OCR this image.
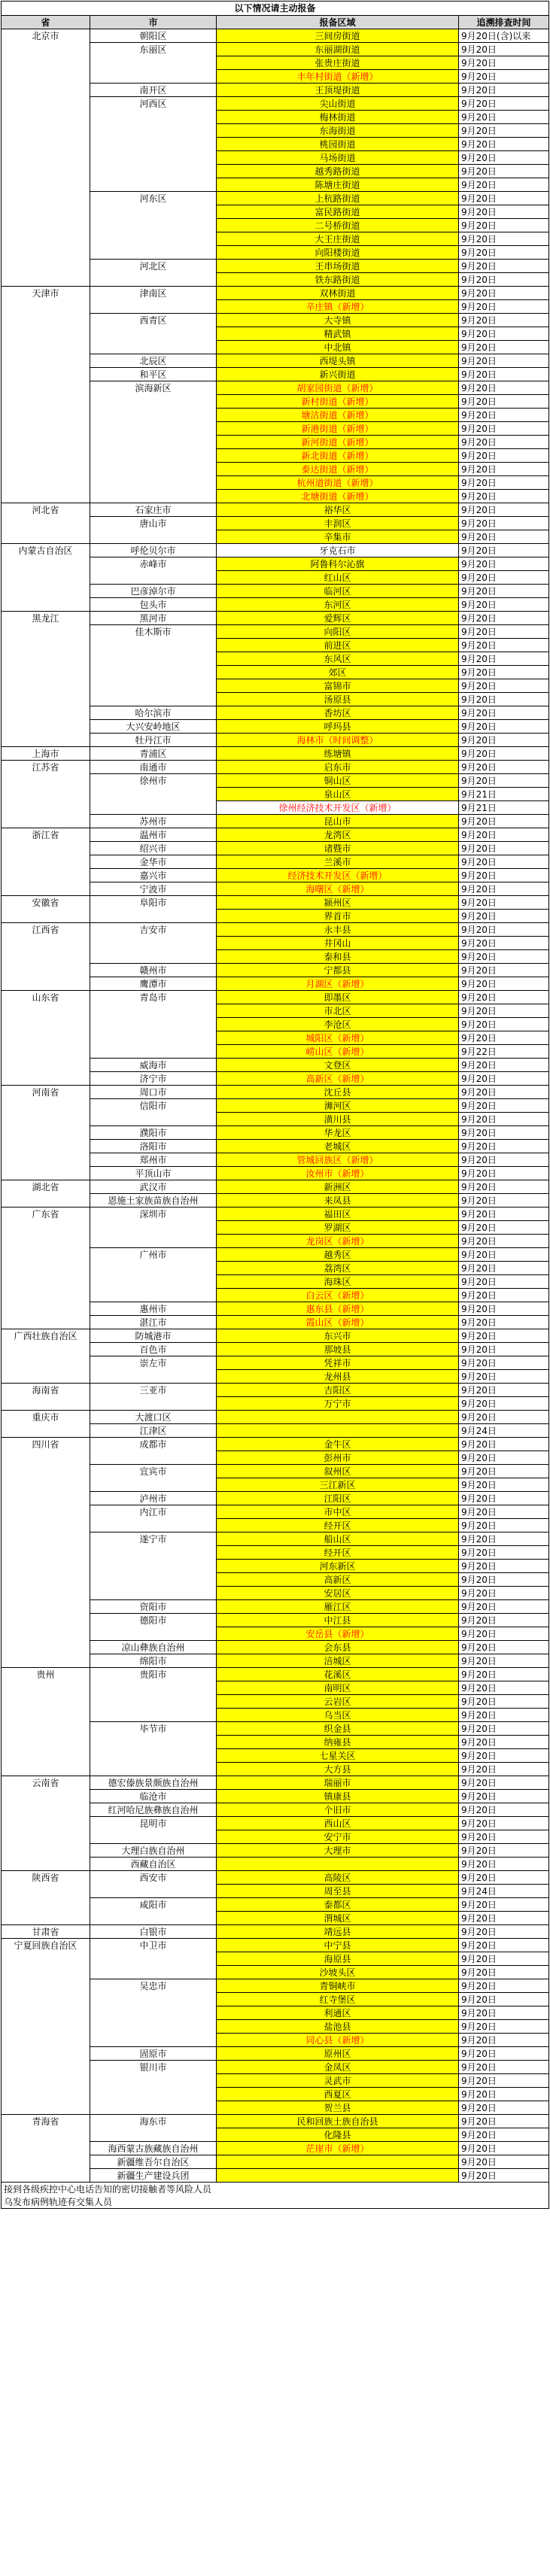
以下情况请主动报备			
省	市	报备区域	追溯排查时间
北京市	朝阳区	三间房街道	9月20日(含)以来
	东丽区	东丽湖街道	9月20日
		张贵庄街道	9月20日
		丰年村街道（新增）	9月20日
	南开区	王顶堤街道	9月20日
	河西区	尖山街道	9月20日
		梅林街道	9月20日
		东海街道	9月20日
		桃园街道	9月20日
		马场街道	9月20日
		越秀路街道	9月20日
		陈塘庄街道	9月20日
	河东区	上杭路街道	9月20日
		富民路街道	9月20日
		二号桥街道	9月20日
		大王庄街道	9月20日
		向阳楼街道	9月20日
	河北区	王串场街道	9月20日
		铁东路街道	9月20日
天津市	津南区	双林街道	9月20日
		辛庄镇（新增）	9月20日
	西青区	大寺镇	9月20日
		精武镇	9月20日
		中北镇	9月20日
	北辰区	西堤头镇	9月20日
	和平区	新兴街道	9月20日
	滨海新区	胡家园街道（新增）	9月20日
		新村街道（新增）	9月20日
		塘沽街道（新增）	9月20日
		新港街道（新增）	9月20日
		新河街道（新增）	9月20日
		新北街道（新增）	9月20日
		泰达街道（新增）	9月20日
		杭州道街道（新增）	9月20日
		北塘街道（新增）	9月20日
河北省	石家庄市	裕华区	9月20日
	唐山市	丰润区	9月20日
		辛集市	9月20日
内蒙古自治区	呼伦贝尔市	牙克石市	9月20日
	赤峰市	阿鲁科尔沁旗	9月20日
		红山区	9月20日
	巴彦淖尔市	临河区	9月20日
	包头市	东河区	9月20日
黑龙江	黑河市	爱辉区	9月20日
	佳木斯市	向阳区	9月20日
		前进区	9月20日
		东风区	9月20日
		郊区	9月20日
		富锦市	9月20日
		汤原县	9月20日
	哈尔滨市	香坊区	9月20日
	大兴安岭地区	呼玛县	9月20日
	牡丹江市	海林市（时间调整）	9月20日
上海市	青浦区	练塘镇	9月20日
江苏省	南通市	启东市	9月20日
	徐州市	铜山区	9月20日
		泉山区	9月21日
		徐州经济技术开发区（新增）	9月21日
	苏州市	昆山市	9月20日
浙江省	温州市	龙湾区	9月20日
	绍兴市	诸暨市	9月20日
	金华市	兰溪市	9月20日
	嘉兴市	经济技术开发区（新增）	9月20日
	宁波市	海曙区（新增）	9月20日
安徽省	阜阳市	颍州区	9月20日
		界首市	9月20日
江西省	吉安市	永丰县	9月20日
		井冈山	9月20日
		泰和县	9月20日
	赣州市	宁都县	9月20日
	鹰潭市	月湖区（新增）	9月20日
山东省	青岛市	即墨区	9月20日
		市北区	9月20日
		李沧区	9月20日
		城阳区（新增）	9月20日
		崂山区（新增）	9月22日
	威海市	文登区	9月20日
	济宁市	高新区（新增）	9月20日
河南省	周口市	沈丘县	9月20日
	信阳市	浉河区	9月20日
		潢川县	9月20日
	濮阳市	华龙区	9月20日
	洛阳市	老城区	9月20日
	郑州市	管城回族区（新增）	9月20日
	平顶山市	汝州市（新增）	9月20日
湖北省	武汉市	新洲区	9月20日
	恩施土家族苗族自治州	来凤县	9月20日
广东省	深圳市	福田区	9月20日
		罗湖区	9月20日
		龙岗区（新增）	9月20日
	广州市	越秀区	9月20日
		荔湾区	9月20日
		海珠区	9月20日
		白云区（新增）	9月20日
	惠州市	惠东县（新增）	9月20日
	湛江市	霞山区（新增）	9月20日
广西壮族自治区	防城港市	东兴市	9月20日
	百色市	那坡县	9月20日
	崇左市	凭祥市	9月20日
		龙州县	9月20日
海南省	三亚市	吉阳区	9月20日
		万宁市	9月20日
重庆市	大渡口区		9月20日
	江津区		9月24日
四川省	成都市	金牛区	9月20日
		彭州市	9月20日
	宜宾市	叙州区	9月20日
		三江新区	9月20日
	泸州市	江阳区	9月20日
	内江市	市中区	9月20日
		经开区	9月20日
	遂宁市	船山区	9月20日
		经开区	9月20日
		河东新区	9月20日
		高新区	9月20日
		安居区	9月20日
	资阳市	雁江区	9月20日
	德阳市	中江县	9月20日
		安岳县（新增）	9月20日
	凉山彝族自治州	会东县	9月20日
	绵阳市	涪城区	9月20日
贵州	贵阳市	花溪区	9月20日
		南明区	9月20日
		云岩区	9月20日
		乌当区	9月20日
	毕节市	织金县	9月20日
		纳雍县	9月20日
		七星关区	9月20日
		大方县	9月20日
云南省	德宏傣族景颇族自治州	瑞丽市	9月20日
	临沧市	镇康县	9月20日
	红河哈尼族彝族自治州	个旧市	9月20日
	昆明市	西山区	9月20日
		安宁市	9月20日
	大理白族自治州	大理市	9月20日
	西藏自治区		9月20日
陕西省	西安市	高陵区	9月20日
		周至县	9月24日
	咸阳市	泰都区	9月20日
		渭城区	9月20日
甘肃省	白银市	靖远县	9月20日
宁夏回族自治区	中卫市	中宁县	9月20日
		海原县	9月20日
		沙坡头区	9月20日
	吴忠市	青铜峡市	9月20日
		红寺堡区	9月20日
		利通区	9月20日
		盐池县	9月20日
		同心县（新增）	9月20日
	固原市	原州区	9月20日
	银川市	金凤区	9月20日
		灵武市	9月20日
		西夏区	9月20日
		贺兰县	9月20日
青海省	海东市	民和回族土族自治县	9月20日
		化隆县	9月20日
	海西蒙古族藏族自治州	茫崖市（新增）	9月20日
	新疆维吾尔自治区		9月20日
	新疆生产建设兵团		9月20日
接到各级疾控中心电话告知的密切接触者等风险人员
乌发布病例轨迹有交集人员
